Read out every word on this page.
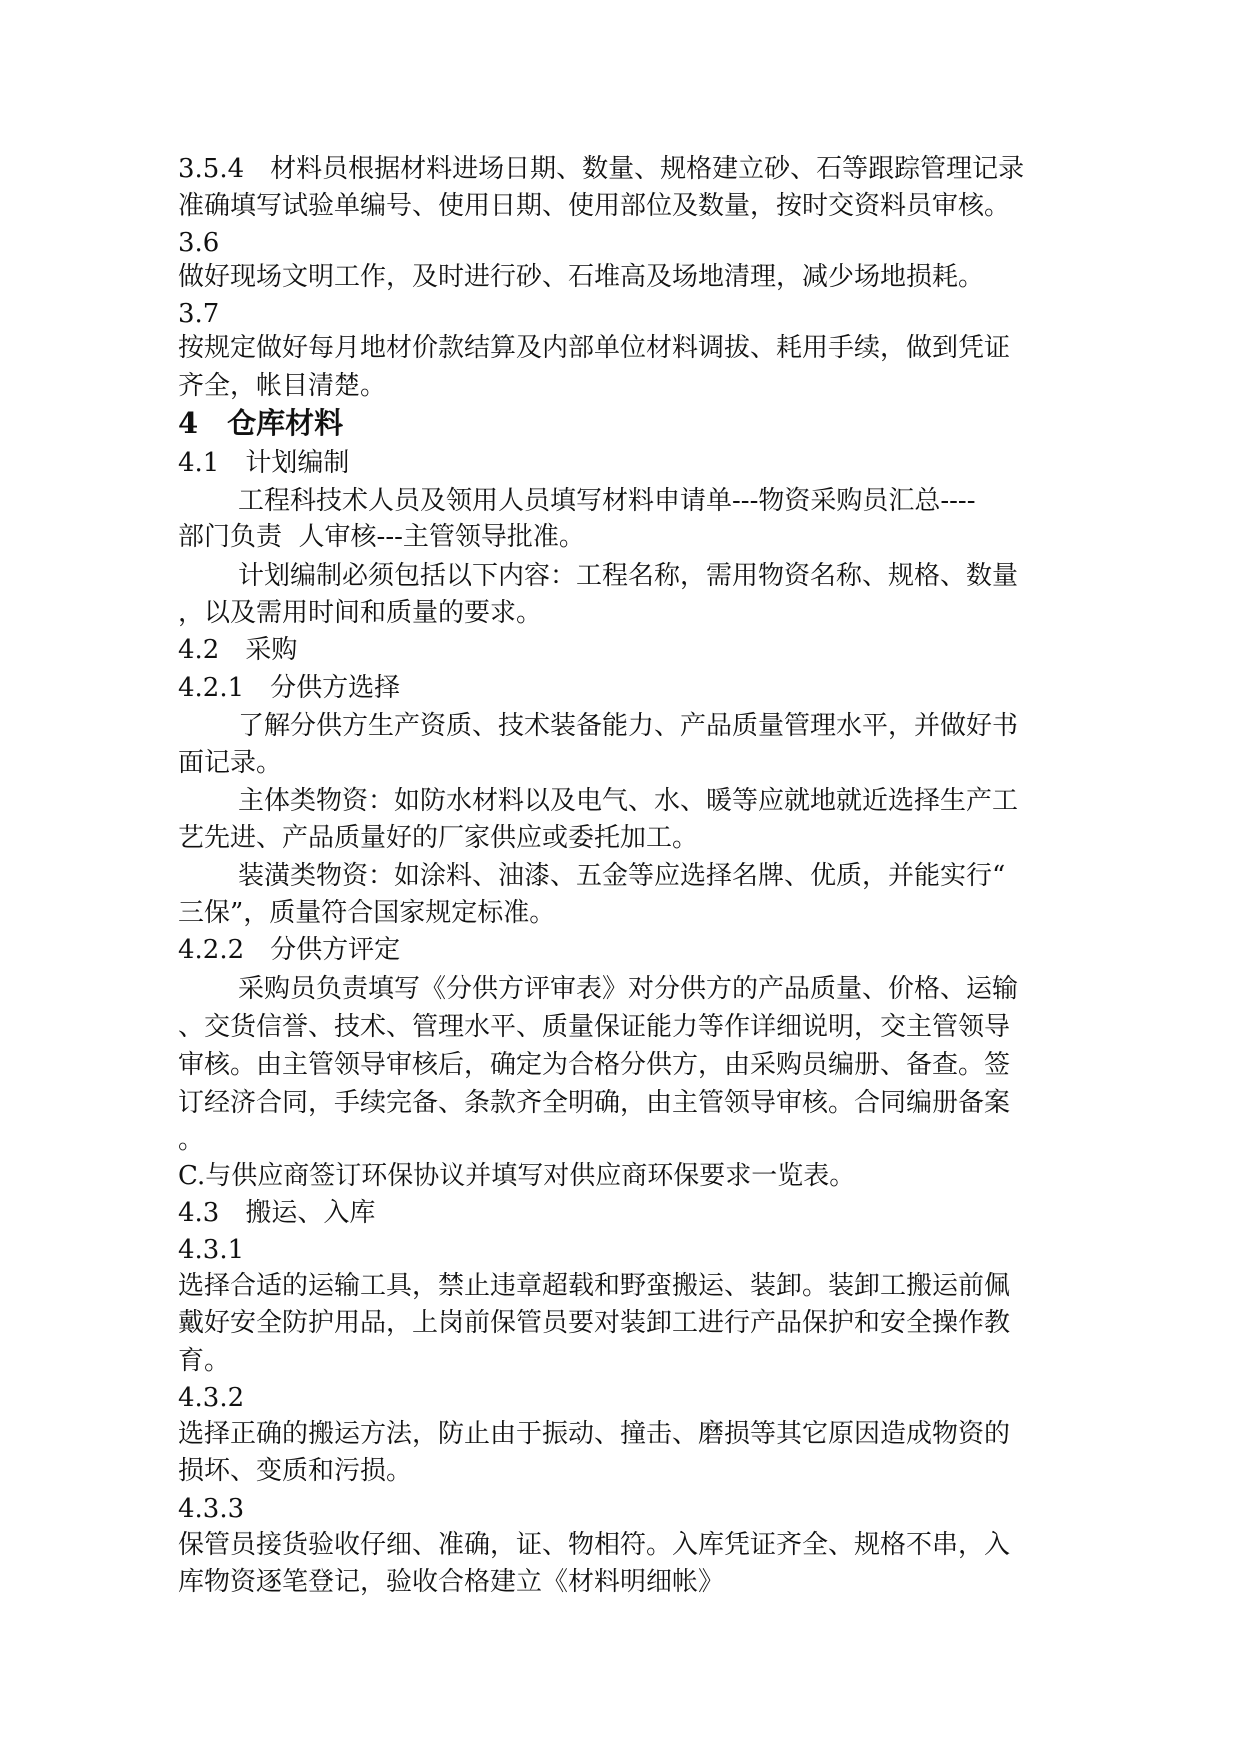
3.5.4　材料员根据材料进场日期、数量、规格建立砂、石等跟踪管理记录
准确填写试验单编号、使用日期、使用部位及数量，按时交资料员审核。
3.6
做好现场文明工作，及时进行砂、石堆高及场地清理，减少场地损耗。
3.7
按规定做好每月地材价款结算及内部单位材料调拔、耗用手续，做到凭证
齐全，帐目清楚。
4　仓库材料
4.1　计划编制
工程科技术人员及领用人员填写材料申请单---物资采购员汇总----
部门负责  人审核---主管领导批准。
计划编制必须包括以下内容：工程名称，需用物资名称、规格、数量
，以及需用时间和质量的要求。
4.2　采购
4.2.1　分供方选择
了解分供方生产资质、技术装备能力、产品质量管理水平，并做好书
面记录。
主体类物资：如防水材料以及电气、水、暖等应就地就近选择生产工
艺先进、产品质量好的厂家供应或委托加工。
装潢类物资：如涂料、油漆、五金等应选择名牌、优质，并能实行“
三保”，质量符合国家规定标准。
4.2.2　分供方评定
采购员负责填写《分供方评审表》对分供方的产品质量、价格、运输
、交货信誉、技术、管理水平、质量保证能力等作详细说明，交主管领导
审核。由主管领导审核后，确定为合格分供方，由采购员编册、备查。签
订经济合同，手续完备、条款齐全明确，由主管领导审核。合同编册备案
。
C.与供应商签订环保协议并填写对供应商环保要求一览表。
4.3　搬运、入库
4.3.1
选择合适的运输工具，禁止违章超载和野蛮搬运、装卸。装卸工搬运前佩
戴好安全防护用品，上岗前保管员要对装卸工进行产品保护和安全操作教
育。
4.3.2
选择正确的搬运方法，防止由于振动、撞击、磨损等其它原因造成物资的
损坏、变质和污损。
4.3.3
保管员接货验收仔细、准确，证、物相符。入库凭证齐全、规格不串，入
库物资逐笔登记，验收合格建立《材料明细帐》
